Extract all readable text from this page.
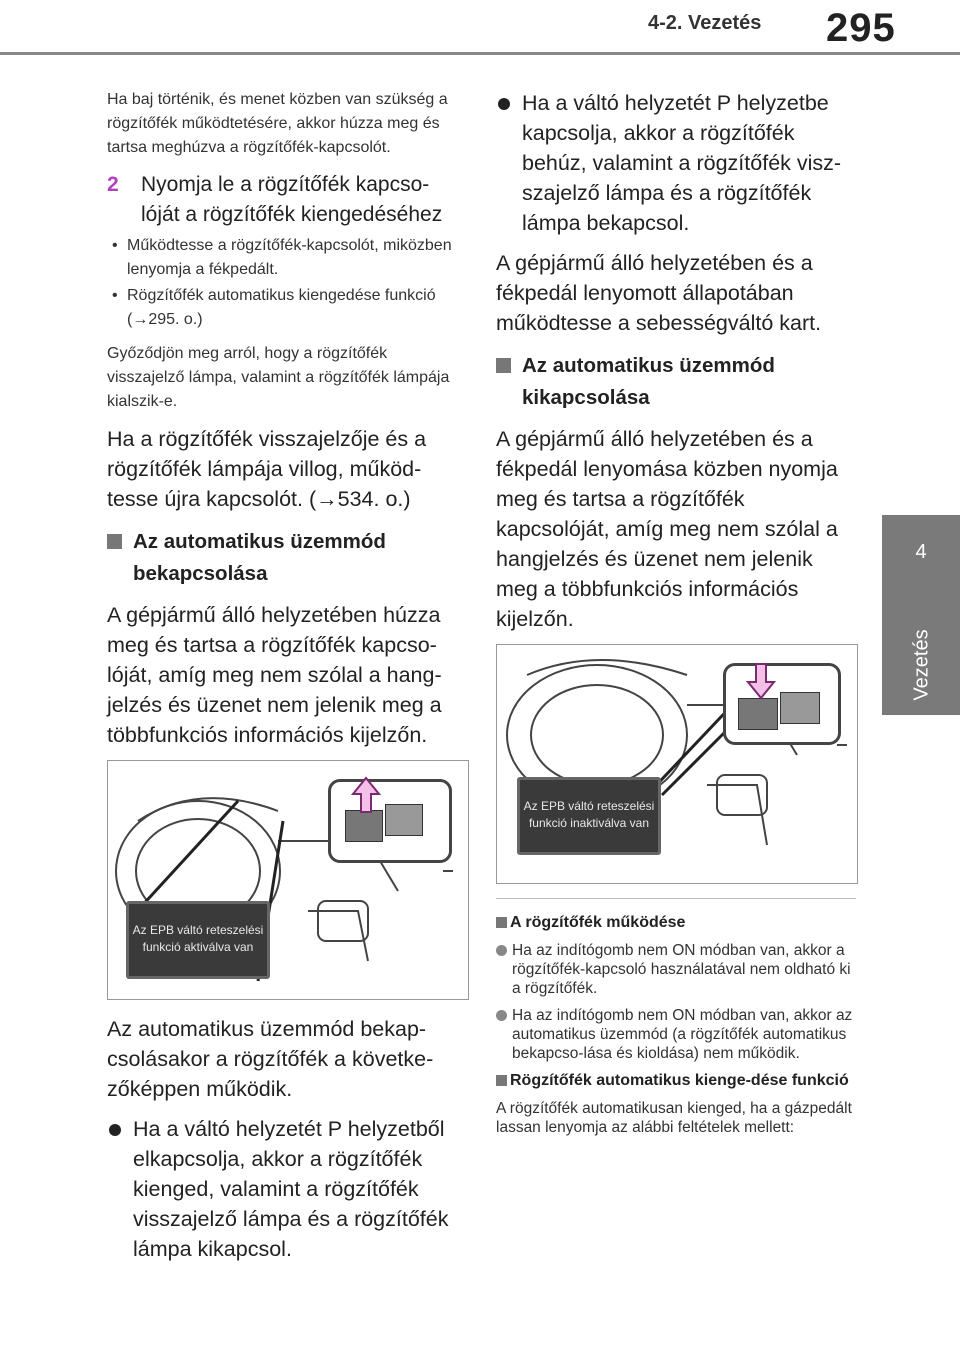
4-2. Vezetés 295
4
Vezetés

Ha baj történik, és menet közben van szükség a rögzítőfék működtetésére, akkor húzza meg és tartsa meghúzva a rögzítőfék-kapcsolót.

2 Nyomja le a rögzítőfék kapcso-lóját a rögzítőfék kiengedéséhez
• Működtesse a rögzítőfék-kapcsolót, miközben lenyomja a fékpedált.
• Rögzítőfék automatikus kiengedése funkció (→295. o.)

Győződjön meg arról, hogy a rögzítőfék visszajelző lámpa, valamint a rögzítőfék lámpája kialszik-e.

Ha a rögzítőfék visszajelzője és a rögzítőfék lámpája villog, működ-tesse újra kapcsolót. (→534. o.)

Az automatikus üzemmód bekapcsolása

A gépjármű álló helyzetében húzza meg és tartsa a rögzítőfék kapcso-lóját, amíg meg nem szólal a hang-jelzés és üzenet nem jelenik meg a többfunkciós információs kijelzőn.

Az EPB váltó reteszelési
funkció aktiválva van

Az automatikus üzemmód bekap-csolásakor a rögzítőfék a követke-zőképpen működik.

Ha a váltó helyzetét P helyzetből elkapcsolja, akkor a rögzítőfék kienged, valamint a rögzítőfék visszajelző lámpa és a rögzítőfék lámpa kikapcsol.
Ha a váltó helyzetét P helyzetbe kapcsolja, akkor a rögzítőfék behúz, valamint a rögzítőfék visz-szajelző lámpa és a rögzítőfék lámpa bekapcsol.

A gépjármű álló helyzetében és a fékpedál lenyomott állapotában működtesse a sebességváltó kart.

Az automatikus üzemmód kikapcsolása

A gépjármű álló helyzetében és a fékpedál lenyomása közben nyomja meg és tartsa a rögzítőfék kapcsolóját, amíg meg nem szólal a hangjelzés és üzenet nem jelenik meg a többfunkciós információs kijelzőn.

Az EPB váltó reteszelési
funkció inaktiválva van
A rögzítőfék működése
Ha az indítógomb nem ON módban van, akkor a rögzítőfék-kapcsoló használatával nem oldható ki a rögzítőfék.
Ha az indítógomb nem ON módban van, akkor az automatikus üzemmód (a rögzítőfék automatikus bekapcso-lása és kioldása) nem működik.
Rögzítőfék automatikus kienge-dése funkció

A rögzítőfék automatikusan kienged, ha a gázpedált lassan lenyomja az alábbi feltételek mellett:
